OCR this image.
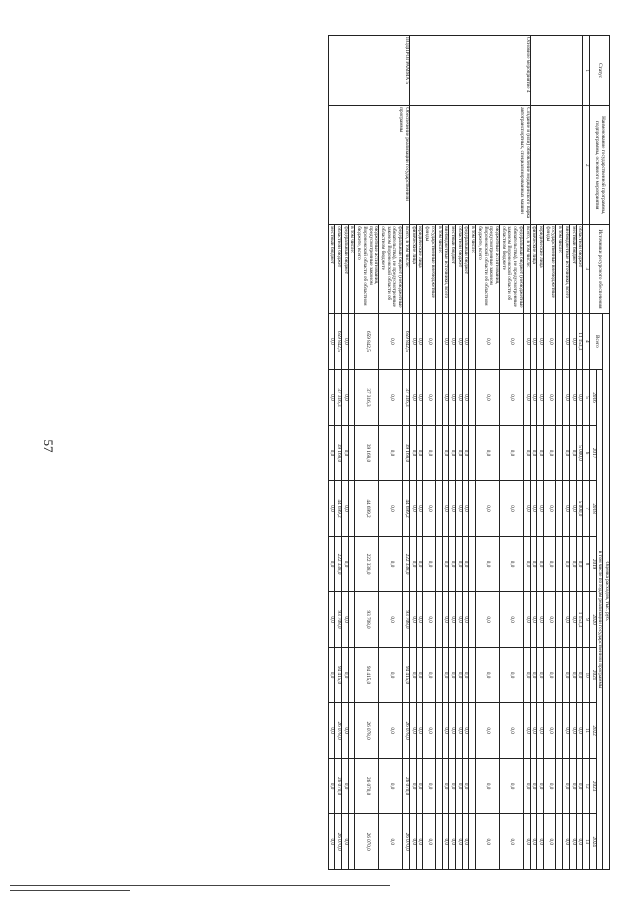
57
Статус	Наименование государственной программы, подпрограммы, основного мероприятия	Источники ресурсного обеспечения	Оценка расходов, тыс. руб.									
			Всего	в том числе по годам реализации государственной программы								
				2016	2017	2018	2019	2020	2021	2022	2023	2024
1	2	3	4	5	6	7	8	9	10	11	12	13
		областной бюджет	11 153,3	0,0	5 000,0	5 000,0	0,0	1 153,3	0,0	0,0	0,0	0,0
		местный бюджет	0,0	0,0	0,0	0,0	0,0	0,0	0,0	0,0	0,0	0,0
		внебюджетные источники, всего	0,0	0,0	0,0	0,0	0,0	0,0	0,0	0,0	0,0	0,0
		в том числе:										
		государственные внебюджетные фонды	0,0	0,0	0,0	0,0	0,0	0,0	0,0	0,0	0,0	0,0
		юридические лица	0,0	0,0	0,0	0,0	0,0	0,0	0,0	0,0	0,0	0,0
		физические лица	0,0	0,0	0,0	0,0	0,0	0,0	0,0	0,0	0,0	0,0
Основное мероприятие 4	Создание и (или) обновление медицинского парка автотранспортных, специализированных машин	всего, в том числе:	0,0	0,0	0,0	0,0	0,0	0,0	0,0	0,0	0,0	0,0
		федеральный бюджет (небюджетные обязательства), не предусмотренные законом Воронежской области об областном бюджете	0,0	0,0	0,0	0,0	0,0	0,0	0,0	0,0	0,0	0,0
		бюджетные ассигнования, предусмотренные законом Воронежской области об областном бюджете, всего	0,0	0,0	0,0	0,0	0,0	0,0	0,0	0,0	0,0	0,0
		в том числе:										
		федеральный бюджет	0,0	0,0	0,0	0,0	0,0	0,0	0,0	0,0	0,0	0,0
		областной бюджет	0,0	0,0	0,0	0,0	0,0	0,0	0,0	0,0	0,0	0,0
		местный бюджет	0,0	0,0	0,0	0,0	0,0	0,0	0,0	0,0	0,0	0,0
		внебюджетные источники, всего	0,0	0,0	0,0	0,0	0,0	0,0	0,0	0,0	0,0	0,0
		в том числе:										
		государственные внебюджетные фонды	0,0	0,0	0,0	0,0	0,0	0,0	0,0	0,0	0,0	0,0
		юридические лица	0,0	0,0	0,0	0,0	0,0	0,0	0,0	0,0	0,0	0,0
		физические лица	0,0	0,0	0,0	0,0	0,0	0,0	0,0	0,0	0,0	0,0
ПОДПРОГРАММА 5	Обеспечение реализации государственной программы	всего, в том числе:	659 842,5	37 316,3	39 168,0	44 699,2	222 338,0	93 708,0	94 415,0	26 078,0	26 070,0	26 070,0
		федеральный бюджет (небюджетные обязательства), не предусмотренные законом Воронежской области об областном бюджете	0,0	0,0	0,0	0,0	0,0	0,0	0,0	0,0	0,0	0,0
		бюджетные ассигнования, предусмотренные законом Воронежской области об областном бюджете, всего	659 842,5	37 316,3	39 168,0	44 699,2	222 338,0	93 708,0	94 415,0	26 078,0	26 070,0	26 070,0
		в том числе:										
		федеральный бюджет	0,0	0,0	0,0	0,0	0,0	0,0	0,0	0,0	0,0	0,0
		областной бюджет	659 842,5	37 316,3	39 168,0	44 699,2	222 338,0	93 708,0	94 415,0	26 078,0	26 070,0	26 070,0
		местный бюджет	0,0	0,0	0,0	0,0	0,0	0,0	0,0	0,0	0,0	0,0
